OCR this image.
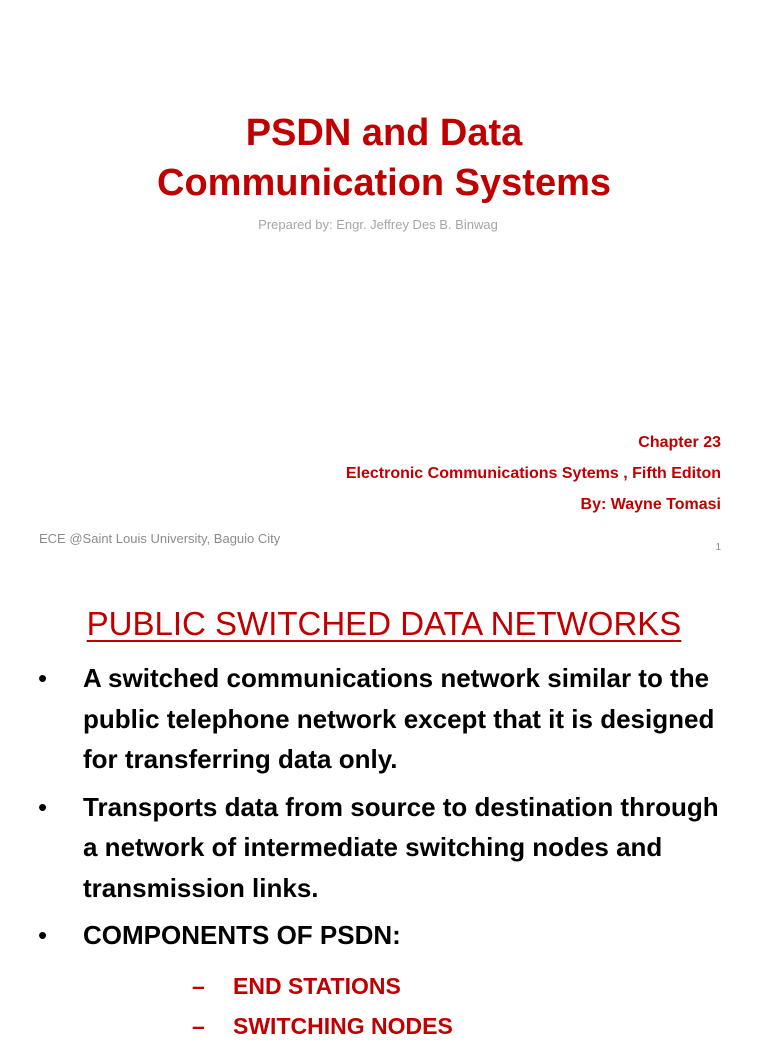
PSDN and Data
Communication Systems
Prepared by: Engr. Jeffrey Des B. Binwag
Chapter 23
Electronic Communications Sytems , Fifth Editon
By: Wayne Tomasi
ECE @Saint Louis University, Baguio City
1
PUBLIC SWITCHED DATA NETWORKS
• A switched communications network similar to the public telephone network except that it is designed for transferring data only.
• Transports data from source to destination through a network of intermediate switching nodes and transmission links.
• COMPONENTS OF PSDN:
– END STATIONS
– SWITCHING NODES
